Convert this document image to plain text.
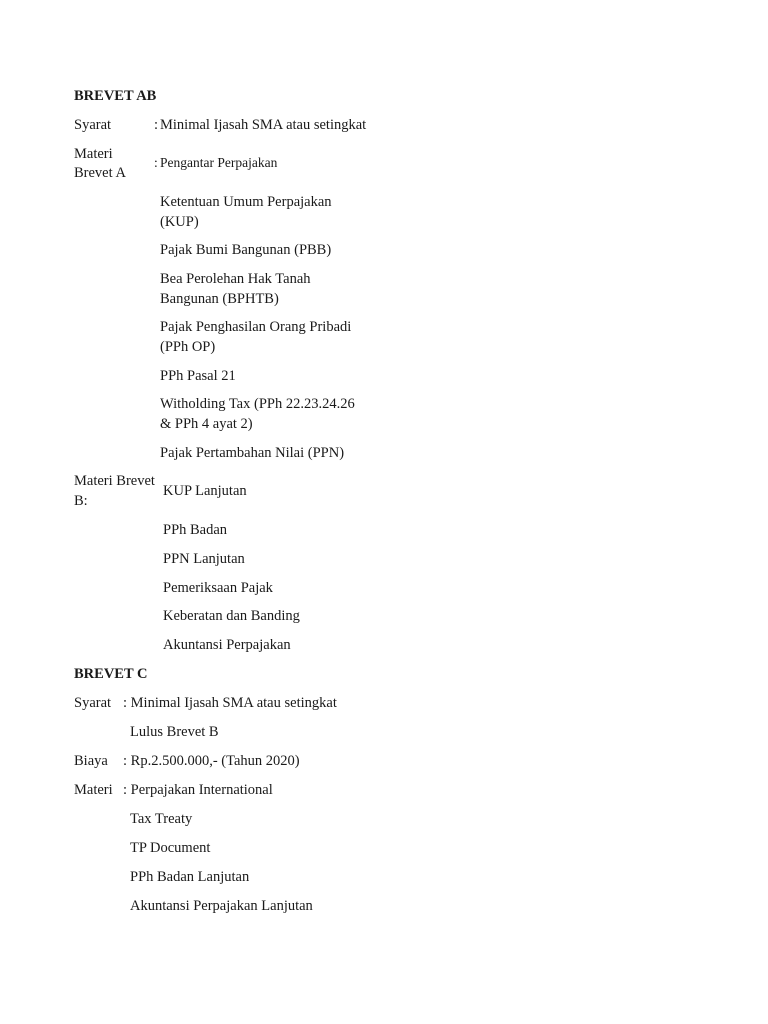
BREVET AB
Syarat	: Minimal Ijasah SMA atau setingkat
Materi
Brevet A
: Pengantar Perpajakan
Ketentuan Umum Perpajakan
(KUP)
Pajak Bumi Bangunan (PBB)
Bea Perolehan Hak Tanah
Bangunan (BPHTB)
Pajak Penghasilan Orang Pribadi
(PPh OP)
PPh Pasal 21
Witholding Tax (PPh 22.23.24.26
& PPh 4 ayat 2)
Pajak Pertambahan Nilai (PPN)
Materi Brevet
B:
KUP Lanjutan
PPh Badan
PPN Lanjutan
Pemeriksaan Pajak
Keberatan dan Banding
Akuntansi Perpajakan
BREVET C
Syarat : Minimal Ijasah SMA atau setingkat
Lulus Brevet B
Biaya : Rp.2.500.000,- (Tahun 2020)
Materi : Perpajakan International
Tax Treaty
TP Document
PPh Badan Lanjutan
Akuntansi Perpajakan Lanjutan
